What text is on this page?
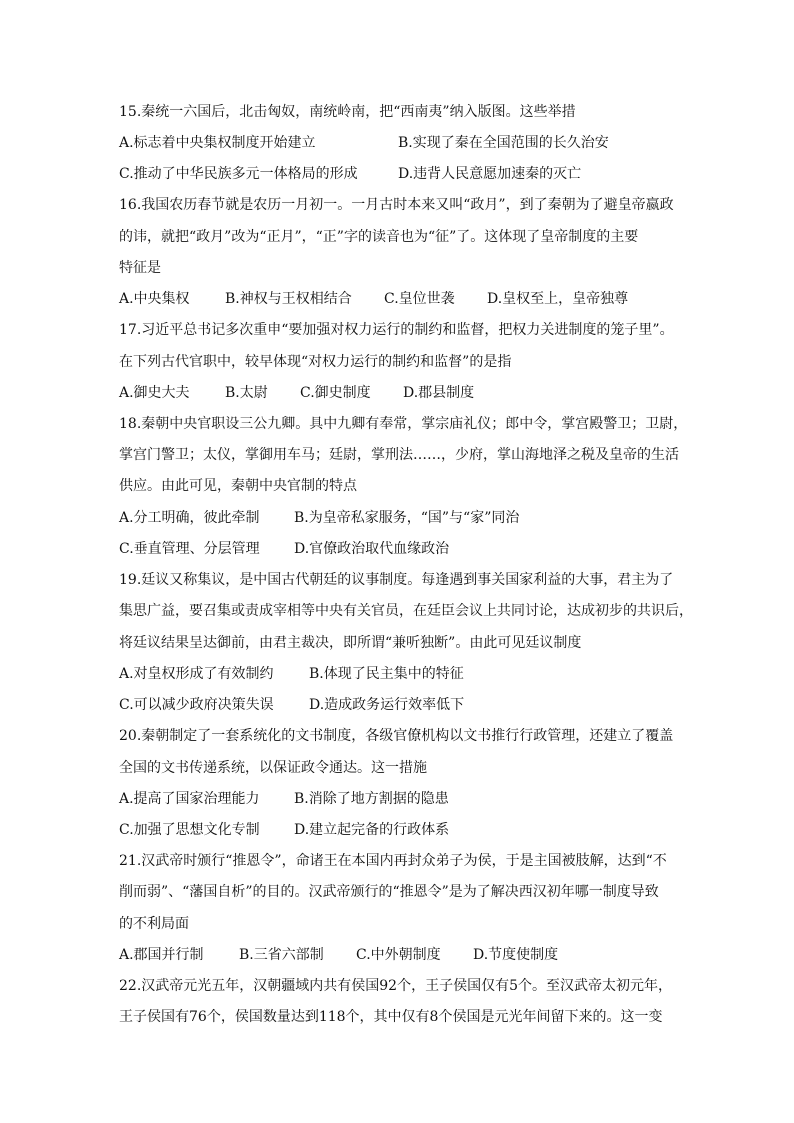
15.秦统一六国后，北击匈奴，南统岭南，把“西南夷”纳入版图。这些举措
A.标志着中央集权制度开始建立	B.实现了秦在全国范围的长久治安
C.推动了中华民族多元一体格局的形成	D.违背人民意愿加速秦的灭亡
16.我国农历春节就是农历一月初一。一月古时本来又叫“政月”，到了秦朝为了避皇帝嬴政
的讳，就把“政月”改为“正月”，“正”字的读音也为“征”了。这体现了皇帝制度的主要
特征是
A.中央集权	B.神权与王权相结合 C.皇位世袭 D.皇权至上，皇帝独尊
17.习近平总书记多次重申“要加强对权力运行的制约和监督，把权力关进制度的笼子里”。
在下列古代官职中，较早体现“对权力运行的制约和监督”的是指
A.御史大夫	B.太尉 C.御史制度 D.郡县制度
18.秦朝中央官职设三公九卿。具中九卿有奉常，掌宗庙礼仪；郎中令，掌宫殿警卫；卫尉，
掌宫门警卫；太仪，掌御用车马；廷尉，掌刑法……，少府，掌山海地泽之税及皇帝的生活
供应。由此可见，秦朝中央官制的特点
A.分工明确，彼此牵制 B.为皇帝私家服务，“国”与“家”同治
C.垂直管理、分层管理 D.官僚政治取代血缘政治
19.廷议又称集议，是中国古代朝廷的议事制度。每逢遇到事关国家利益的大事，君主为了
集思广益，要召集或责成宰相等中央有关官员，在廷臣会议上共同讨论，达成初步的共识后，
将廷议结果呈达御前，由君主裁决，即所谓“兼听独断”。由此可见廷议制度
A.对皇权形成了有效制约	B.体现了民主集中的特征
C.可以减少政府决策失误	D.造成政务运行效率低下
20.秦朝制定了一套系统化的文书制度，各级官僚机构以文书推行行政管理，还建立了覆盖
全国的文书传递系统，以保证政令通达。这一措施
A.提高了国家治理能力 B.消除了地方割据的隐患
C.加强了思想文化专制 D.建立起完备的行政体系
21.汉武帝时颁行“推恩令”，命诸王在本国内再封众弟子为侯，于是主国被肢解，达到“不
削而弱”、“藩国自析”的目的。汉武帝颁行的“推恩令”是为了解决西汉初年哪一制度导致
的不利局面
A.郡国并行制	B.三省六部制 C.中外朝制度 D.节度使制度
22.汉武帝元光五年，汉朝疆域内共有侯国92个，王子侯国仅有5个。至汉武帝太初元年，
王子侯国有76个，侯国数量达到118个，其中仅有8个侯国是元光年间留下来的。这一变
